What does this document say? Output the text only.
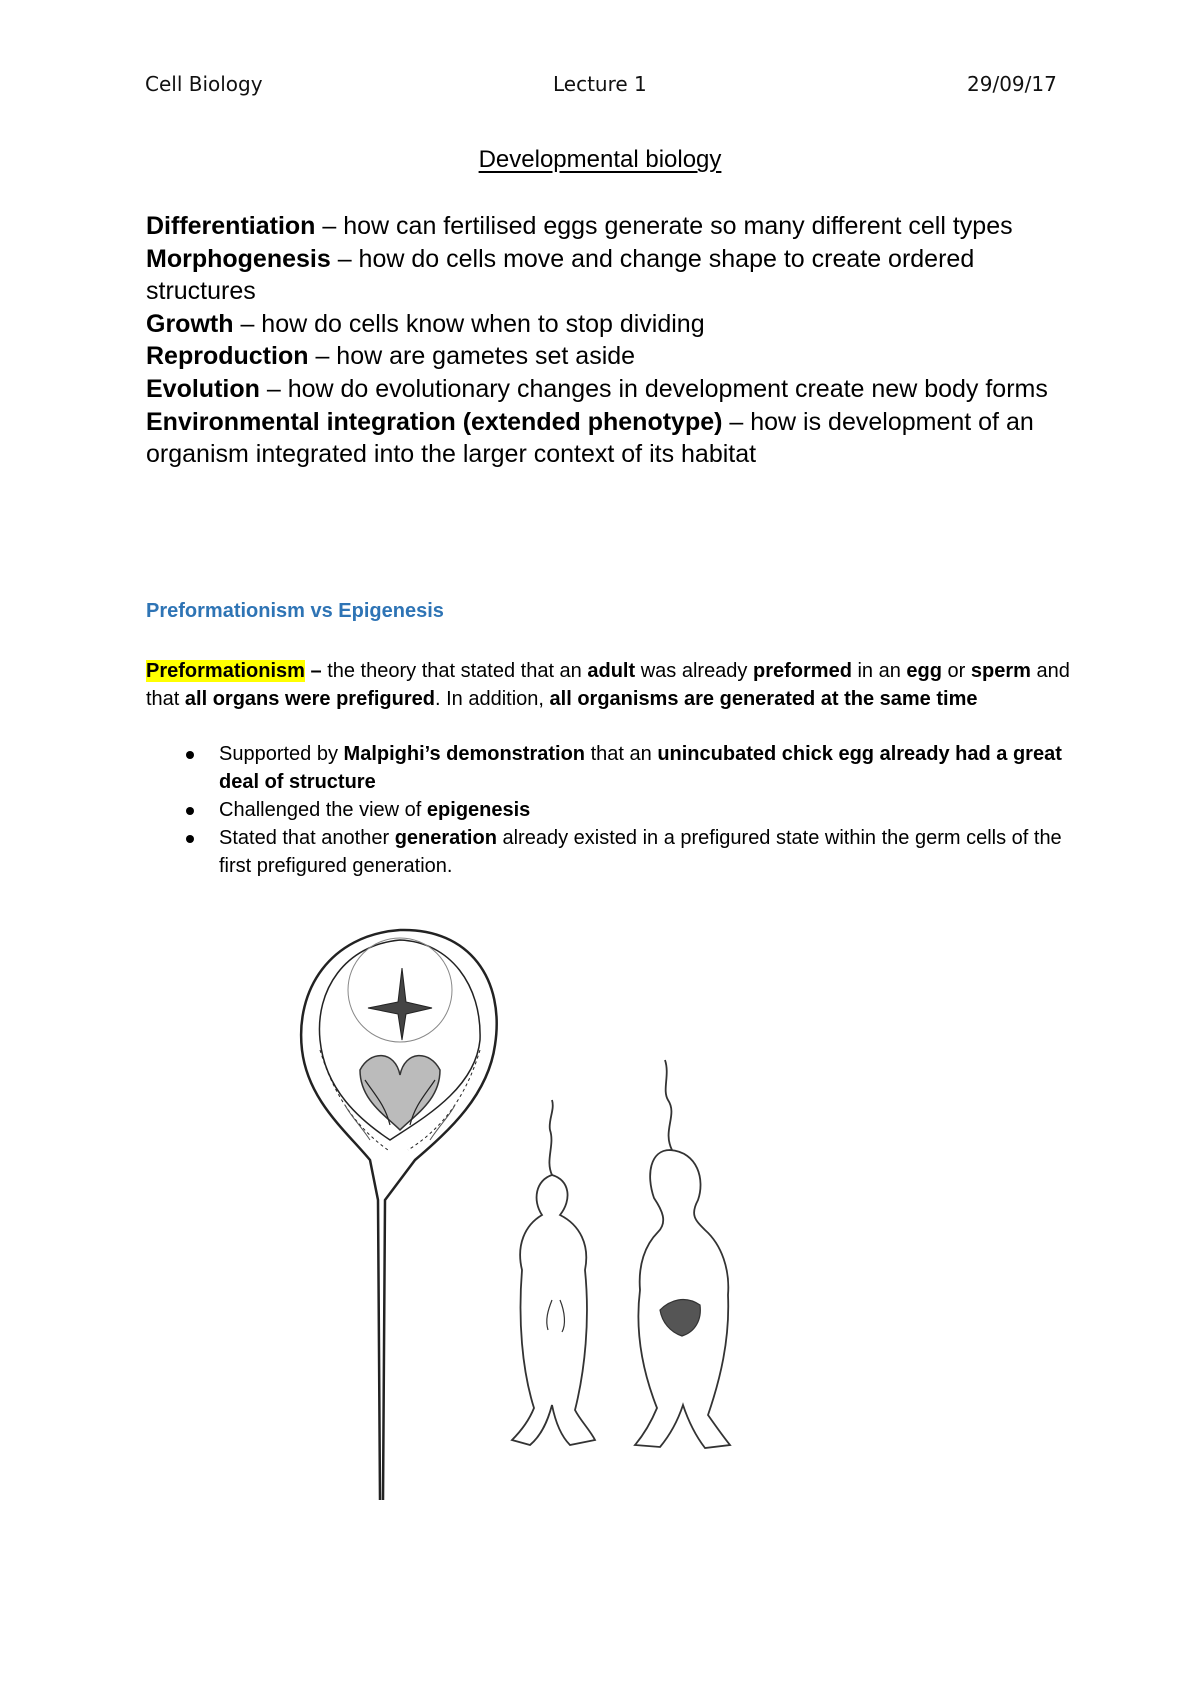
Cell Biology	Lecture 1	29/09/17
Developmental biology

Differentiation – how can fertilised eggs generate so many different cell types

Morphogenesis – how do cells move and change shape to create ordered structures

Growth – how do cells know when to stop dividing

Reproduction – how are gametes set aside

Evolution – how do evolutionary changes in development create new body forms

Environmental integration (extended phenotype) – how is development of an organism integrated into the larger context of its habitat

Preformationism vs Epigenesis

Preformationism – the theory that stated that an adult was already preformed in an egg or sperm and that all organs were prefigured. In addition, all organisms are generated at the same time

Supported by Malpighi’s demonstration that an unincubated chick egg already had a great deal of structure
Challenged the view of epigenesis
Stated that another generation already existed in a prefigured state within the germ cells of the first prefigured generation.
